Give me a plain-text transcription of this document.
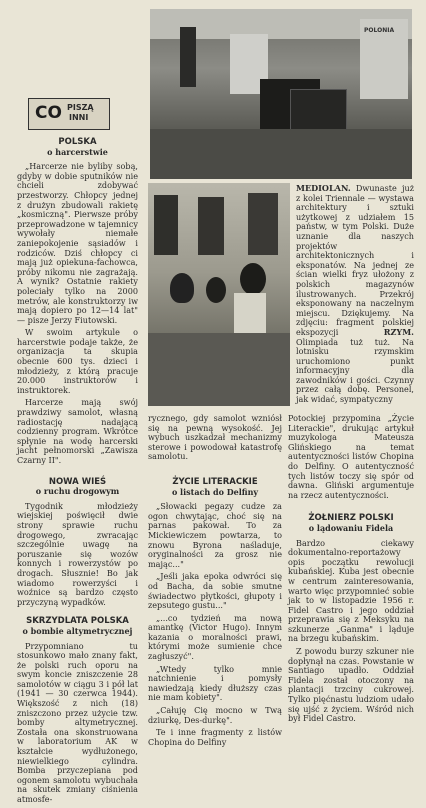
CO PISZĄ
INNI
POLONIA
POLSKA
o harcerstwie

„Harcerze nie byliby sobą, gdyby w dobie sputników nie chcieli zdobywać przestworzy. Chłopcy jednej z drużyn zbudowali rakietę „kosmiczną". Pierwsze próby przeprowadzone w tajemnicy wywołały niemałe zaniepokojenie sąsiadów i rodziców. Dziś chłopcy ci mają już opiekuna-fachowca, próby nikomu nie zagrażają. A wynik? Ostatnie rakiety poleciały tylko na 2000 metrów, ale konstruktorzy iw mają dopiero po 12—14 lat" — pisze Jerzy Fiutowski.

W swoim artykule o harcerstwie podaje także, że organizacja ta skupia obecnie 600 tys. dzieci i młodzieży, z którą pracuje 20.000 instruktorów i instruktorek.

Harcerze mają swój prawdziwy samolot, własną radiostację nadającą codzienny program. Wkrótce spłynie na wodę harcerski jacht pełnomorski „Zawisza Czarny II".

NOWA WIEŚ
o ruchu drogowym

Tygodnik młodzieży wiejskiej poświęcił dwie strony sprawie ruchu drogowego, zwracając szczególnie uwagę na poruszanie się wozów konnych i rowerzystów po drogach. Słusznie! Bo jak wiadomo rowerzyści i woźnice są bardzo często przyczyną wypadków.

SKRZYDLATA POLSKA
o bombie altymetrycznej

Przypomniano tu stosunkowo mało znany fakt, że polski ruch oporu na swym koncie zniszczenie 28 samolotów w ciągu 3 i pół lat (1941 — 30 czerwca 1944). Większość z nich (18) zniszczono przez użycie tzw. bomby altymetrycznej. Została ona skonstruowana w laboratorium AK w kształcie wydłużonego, niewielkiego cylindra. Bomba przyczepiana pod ogonem samolotu wybuchała na skutek zmiany ciśnienia atmosfe-

MEDIOLAN. Dwunaste już z kolei Triennale — wystawa architektury i sztuki użytkowej z udziałem 15 państw, w tym Polski. Duże uznanie dla naszych projektów architektonicznych i eksponatów. Na jednej ze ścian wielki fryz ułożony z polskich magazynów ilustrowanych. Przekrój eksponowany na naczelnym miejscu. Dziękujemy. Na zdjęciu: fragment polskiej ekspozycji RZYM. Olimpiada tuż tuż. Na lotnisku rzymskim uruchomiono punkt informacyjny dla zawodników i gości. Czynny przez całą dobę. Personel, jak widać, sympatyczny

rycznego, gdy samolot wzniósł się na pewną wysokość. Jej wybuch uszkadzał mechanizmy sterowe i powodował katastrofę samolotu.

ŻYCIE LITERACKIE
o listach do Delfiny

„Słowacki pegazy cudze za ogon chwytając, choć się na parnas pakował. To za Mickiewiczem powtarza, to znowu Byrona naśladuje, oryginalności za grosz nie mając..."

„Jeśli jaka epoka odwróci się od Bacha, da sobie smutne świadectwo płytkości, głupoty i zepsutego gustu..."

„...co tydzień ma nową amantkę (Victor Hugo). Innym kazania o moralności prawi, którymi może sumienie chce zagłuszyć".

„Wtedy tylko mnie natchnienie i pomysły nawiedzają kiedy dłuższy czas nie mam kobiety".

„Całuję Cię mocno w Twą dziurkę, Des-durkę".

Te i inne fragmenty z listów Chopina do Delfiny

Potockiej przypomina „Życie Literackie", drukując artykuł muzykologa Mateusza Glińskiego na temat autentyczności listów Chopina do Delfiny. O autentyczność tych listów toczy się spór od dawna. Gliński argumentuje na rzecz autentyczności.

ŻOŁNIERZ POLSKI
o lądowaniu Fidela

Bardzo ciekawy dokumentalno-reportażowy opis początku rewolucji kubańskiej. Kuba jest obecnie w centrum zainteresowania, warto więc przypomnieć sobie jak to w listopadzie 1956 r. Fidel Castro i jego oddział przeprawia się z Meksyku na szkunerze „Ganma" i ląduje na brzegu kubańskim.

Z powodu burzy szkuner nie dopłynął na czas. Powstanie w Santiago upadło. Oddział Fidela został otoczony na plantacji trzciny cukrowej. Tylko pięćnastu ludziom udało się ujść z życiem. Wśród nich był Fidel Castro.
